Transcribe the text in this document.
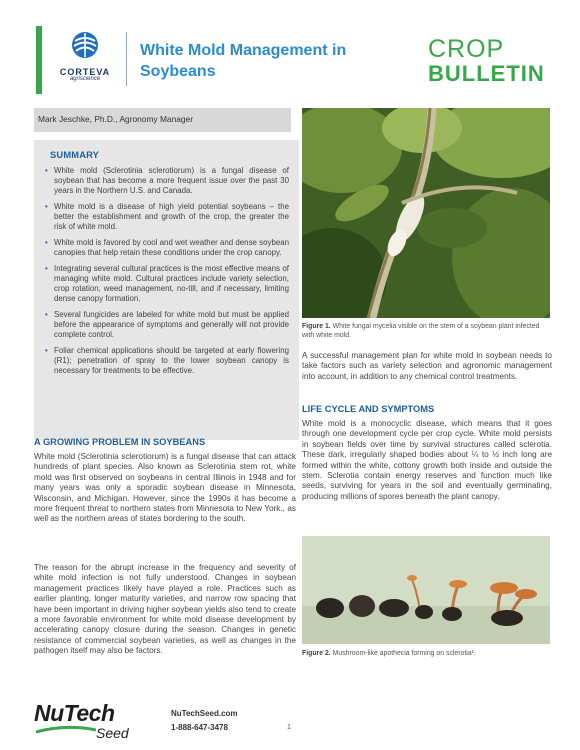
CORTEVA
agriscience
White Mold Management in Soybeans
CROP
BULLETIN
Mark Jeschke, Ph.D., Agronomy Manager
SUMMARY
• White mold (Sclerotinia sclerotiorum) is a fungal disease of soybean that has become a more frequent issue over the past 30 years in the Northern U.S. and Canada.
• White mold is a disease of high yield potential soybeans – the better the establishment and growth of the crop, the greater the risk of white mold.
• White mold is favored by cool and wet weather and dense soybean canopies that help retain these conditions under the crop canopy.
• Integrating several cultural practices is the most effective means of managing white mold. Cultural practices include variety selection, crop rotation, weed management, no-till, and if necessary, limiting dense canopy formation.
• Several fungicides are labeled for white mold but must be applied before the appearance of symptoms and generally will not provide complete control.
• Foliar chemical applications should be targeted at early flowering (R1); penetration of spray to the lower soybean canopy is necessary for treatments to be effective.
A GROWING PROBLEM IN SOYBEANS
White mold (Sclerotinia sclerotiorum) is a fungal disease that can attack hundreds of plant species. Also known as Sclerotinia stem rot, white mold was first observed on soybeans in central Illinois in 1948 and for many years was only a sporadic soybean disease in Minnesota, Wisconsin, and Michigan. However, since the 1990s it has become a more frequent threat to northern states from Minnesota to New York., as well as the northern areas of states bordering to the south.
The reason for the abrupt increase in the frequency and severity of white mold infection is not fully understood. Changes in soybean management practices likely have played a role. Practices such as earlier planting, longer maturity varieties, and narrow row spacing that have been important in driving higher soybean yields also tend to create a more favorable environment for white mold disease development by accelerating canopy closure during the season. Changes in genetic resistance of commercial soybean varieties, as well as changes in the pathogen itself may also be factors.
Figure 1. White fungal mycelia visible on the stem of a soybean plant infected with white mold.
A successful management plan for white mold in soybean needs to take factors such as variety selection and agronomic management into account, in addition to any chemical control treatments.
LIFE CYCLE AND SYMPTOMS
White mold is a monocyclic disease, which means that it goes through one development cycle per crop cycle. White mold persists in soybean fields over time by survival structures called sclerotia. These dark, irregularly shaped bodies about ¼ to ½ inch long are formed within the white, cottony growth both inside and outside the stem. Sclerotia contain energy reserves and function much like seeds, surviving for years in the soil and eventually germinating, producing millions of spores beneath the plant canopy.
Figure 2. Mushroom-like apothecia forming on sclerotia¹.
NuTech
Seed
NuTechSeed.com
1-888-647-3478	1
